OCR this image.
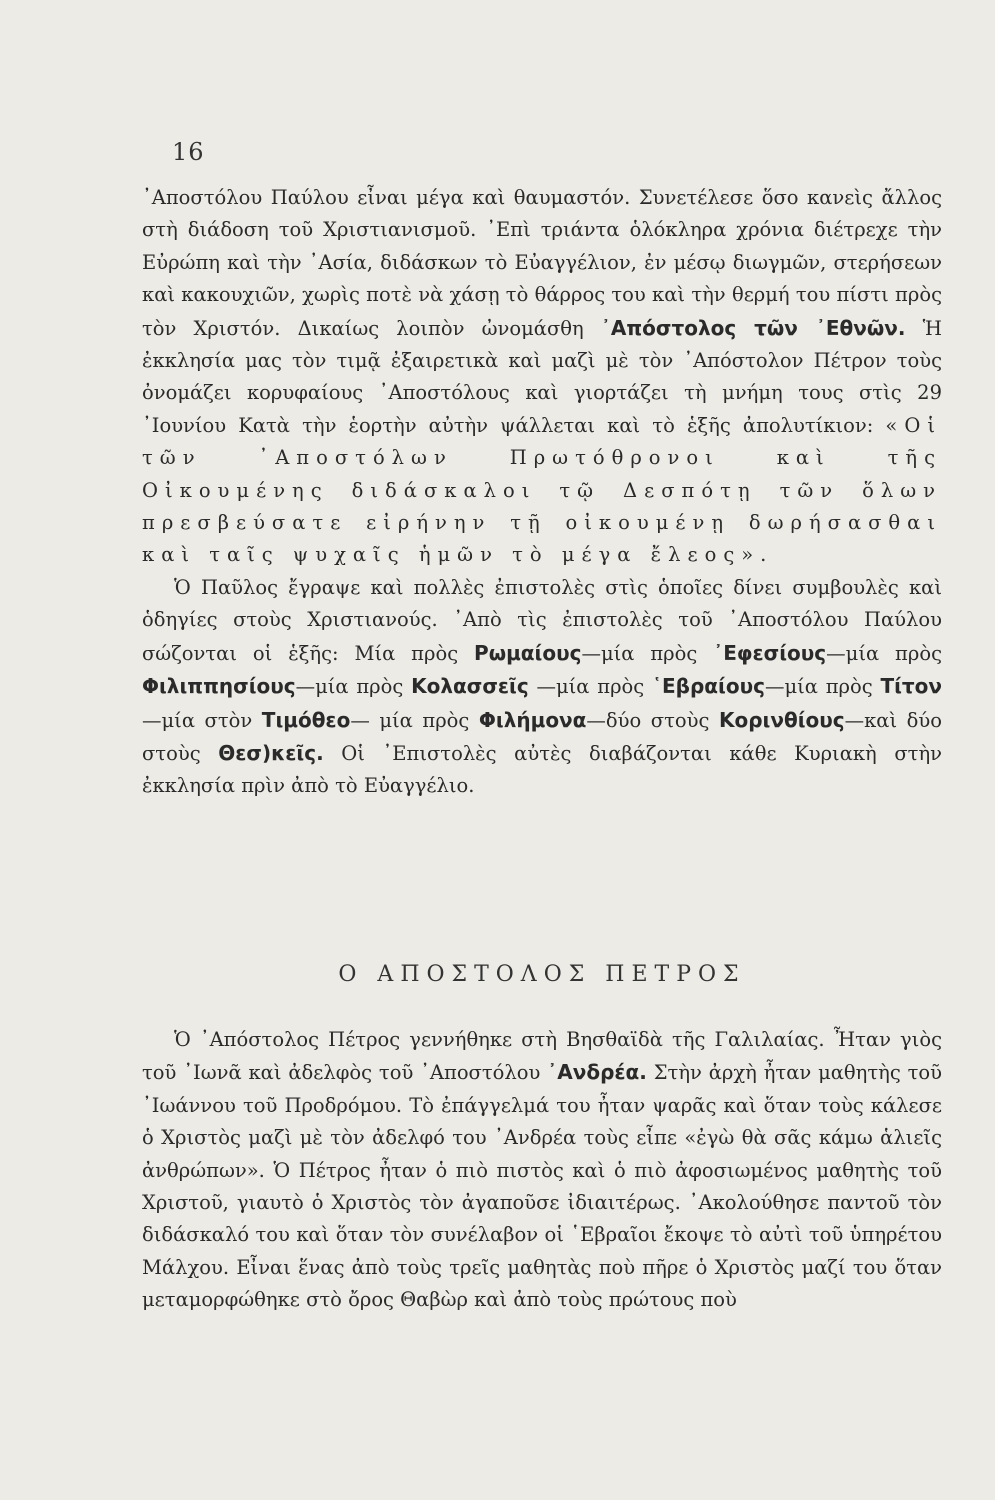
16

᾿Αποστόλου Παύλου εἶναι μέγα καὶ θαυμαστόν. Συνετέλεσε ὅσο κανεὶς ἄλλος στὴ διάδοση τοῦ Χριστιανισμοῦ. ᾿Επὶ τριάντα ὁλόκληρα χρόνια διέτρεχε τὴν Εὐρώπη καὶ τὴν ᾿Ασία, διδάσκων τὸ Εὐαγγέλιον, ἐν μέσῳ διωγμῶν, στερήσεων καὶ κακουχιῶν, χωρὶς ποτὲ νὰ χάσῃ τὸ θάρρος του καὶ τὴν θερμή του πίστι πρὸς τὸν Χριστόν. Δικαίως λοιπὸν ὠνομάσθη ᾿Απόστολος τῶν ᾿Εθνῶν. Ἡ ἐκκλησία μας τὸν τιμᾷ ἐξαιρετικὰ καὶ μαζὶ μὲ τὸν ᾿Απόστολον Πέτρον τοὺς ὀνομάζει κορυφαίους ᾿Αποστόλους καὶ γιορτάζει τὴ μνήμη τους στὶς 29 ᾿Ιουνίου Κατὰ τὴν ἑορτὴν αὐτὴν ψάλλεται καὶ τὸ ἑξῆς ἀπολυτίκιον: «Οἱ τῶν ᾿Αποστόλων Πρωτόθρονοι καὶ τῆς Οἰκουμένης διδάσκαλοι τῷ Δεσπότῃ τῶν ὅλων πρεσβεύσατε εἰρήνην τῇ οἰκουμένῃ δωρήσασθαι καὶ ταῖς ψυχαῖς ἡμῶν τὸ μέγα ἔλεος».

Ὁ Παῦλος ἔγραψε καὶ πολλὲς ἐπιστολὲς στὶς ὁποῖες δίνει συμβουλὲς καὶ ὁδηγίες στοὺς Χριστιανούς. ᾿Απὸ τὶς ἐπιστολὲς τοῦ ᾿Αποστόλου Παύλου σώζονται οἱ ἑξῆς: Μία πρὸς Ρωμαίους—μία πρὸς ᾿Εφεσίους—μία πρὸς Φιλιππησίους—μία πρὸς Κολασσεῖς —μία πρὸς ῾Εβραίους—μία πρὸς Τίτον—μία στὸν Τιμόθεο— μία πρὸς Φιλήμονα—δύο στοὺς Κορινθίους—καὶ δύο στοὺς Θεσ)κεῖς. Οἱ ᾿Επιστολὲς αὐτὲς διαβάζονται κάθε Κυριακὴ στὴν ἐκκλησία πρὶν ἀπὸ τὸ Εὐαγγέλιο.

Ο ΑΠΟΣΤΟΛΟΣ ΠΕΤΡΟΣ

Ὁ ᾿Απόστολος Πέτρος γεννήθηκε στὴ Βησθαϊδὰ τῆς Γαλιλαίας. Ἦταν γιὸς τοῦ ᾿Ιωνᾶ καὶ ἀδελφὸς τοῦ ᾿Αποστόλου ᾿Ανδρέα. Στὴν ἀρχὴ ἦταν μαθητὴς τοῦ ᾿Ιωάννου τοῦ Προδρόμου. Τὸ ἐπάγγελμά του ἦταν ψαρᾶς καὶ ὅταν τοὺς κάλεσε ὁ Χριστὸς μαζὶ μὲ τὸν ἀδελφό του ᾿Ανδρέα τοὺς εἶπε «ἐγὼ θὰ σᾶς κάμω ἁλιεῖς ἀνθρώπων». Ὁ Πέτρος ἦταν ὁ πιὸ πιστὸς καὶ ὁ πιὸ ἀφοσιωμένος μαθητὴς τοῦ Χριστοῦ, γιαυτὸ ὁ Χριστὸς τὸν ἀγαποῦσε ἰδιαιτέρως. ᾿Ακολούθησε παντοῦ τὸν διδάσκαλό του καὶ ὅταν τὸν συνέλαβον οἱ ῾Εβραῖοι ἔκοψε τὸ αὐτὶ τοῦ ὑπηρέτου Μάλχου. Εἶναι ἕνας ἀπὸ τοὺς τρεῖς μαθητὰς ποὺ πῆρε ὁ Χριστὸς μαζί του ὅταν μεταμορφώθηκε στὸ ὄρος Θαβὼρ καὶ ἀπὸ τοὺς πρώτους ποὺ
